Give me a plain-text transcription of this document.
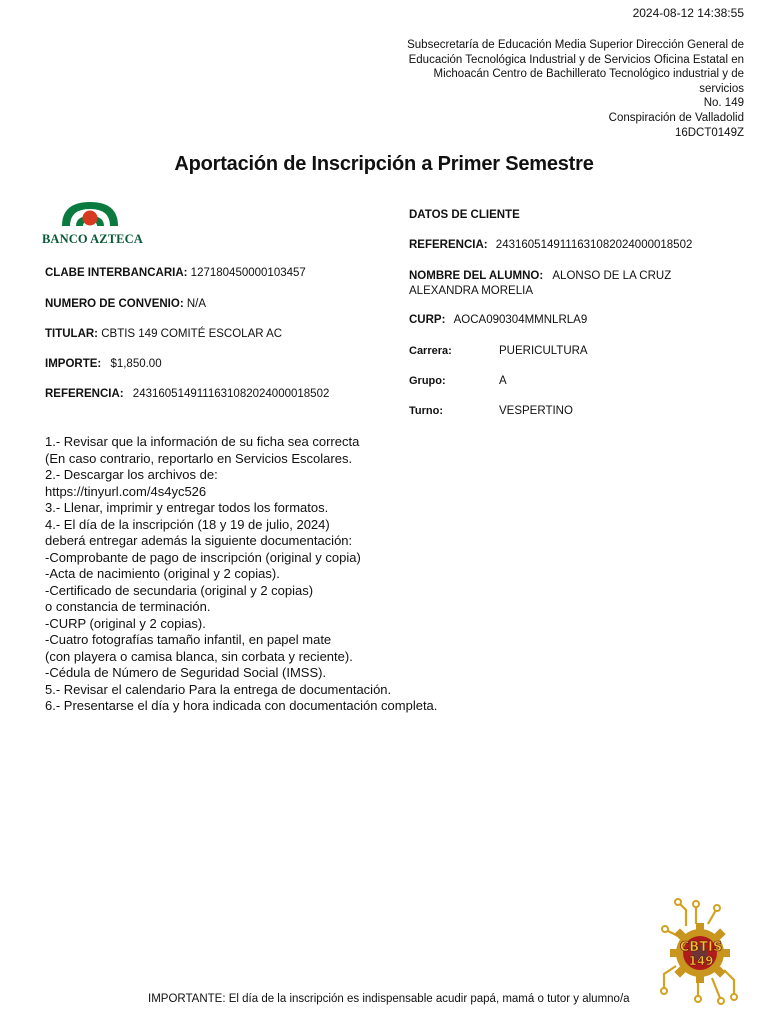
2024-08-12 14:38:55
Subsecretaría de Educación Media Superior Dirección General de
Educación Tecnológica Industrial y de Servicios Oficina Estatal en
Michoacán Centro de Bachillerato Tecnológico industrial y de
servicios
No. 149
Conspiración de Valladolid
16DCT0149Z
Aportación de Inscripción a Primer Semestre
BANCO AZTECA
CLABE INTERBANCARIA: 127180450000103457
NUMERO DE CONVENIO: N/A
TITULAR: CBTIS 149 COMITÉ ESCOLAR AC
IMPORTE: $1,850.00
REFERENCIA: 2431605149111631082024000018502
DATOS DE CLIENTE
REFERENCIA: 2431605149111631082024000018502
NOMBRE DEL ALUMNO: ALONSO DE LA CRUZ
ALEXANDRA MORELIA
CURP: AOCA090304MMNLRLA9
Carrera:	PUERICULTURA
Grupo:	A
Turno:	VESPERTINO
1.- Revisar que la información de su ficha sea correcta
(En caso contrario, reportarlo en Servicios Escolares.
2.- Descargar los archivos de:
https://tinyurl.com/4s4yc526
3.- Llenar, imprimir y entregar todos los formatos.
4.- El día de la inscripción (18 y 19 de julio, 2024)
deberá entregar además la siguiente documentación:
-Comprobante de pago de inscripción (original y copia)
-Acta de nacimiento (original y 2 copias).
-Certificado de secundaria (original y 2 copias)
o constancia de terminación.
-CURP (original y 2 copias).
-Cuatro fotografías tamaño infantil, en papel mate
(con playera o camisa blanca, sin corbata y reciente).
-Cédula de Número de Seguridad Social (IMSS).
5.- Revisar el calendario Para la entrega de documentación.
6.- Presentarse el día y hora indicada con documentación completa.
CBTIS
149
IMPORTANTE: El día de la inscripción es indispensable acudir papá, mamá o tutor y alumno/a
